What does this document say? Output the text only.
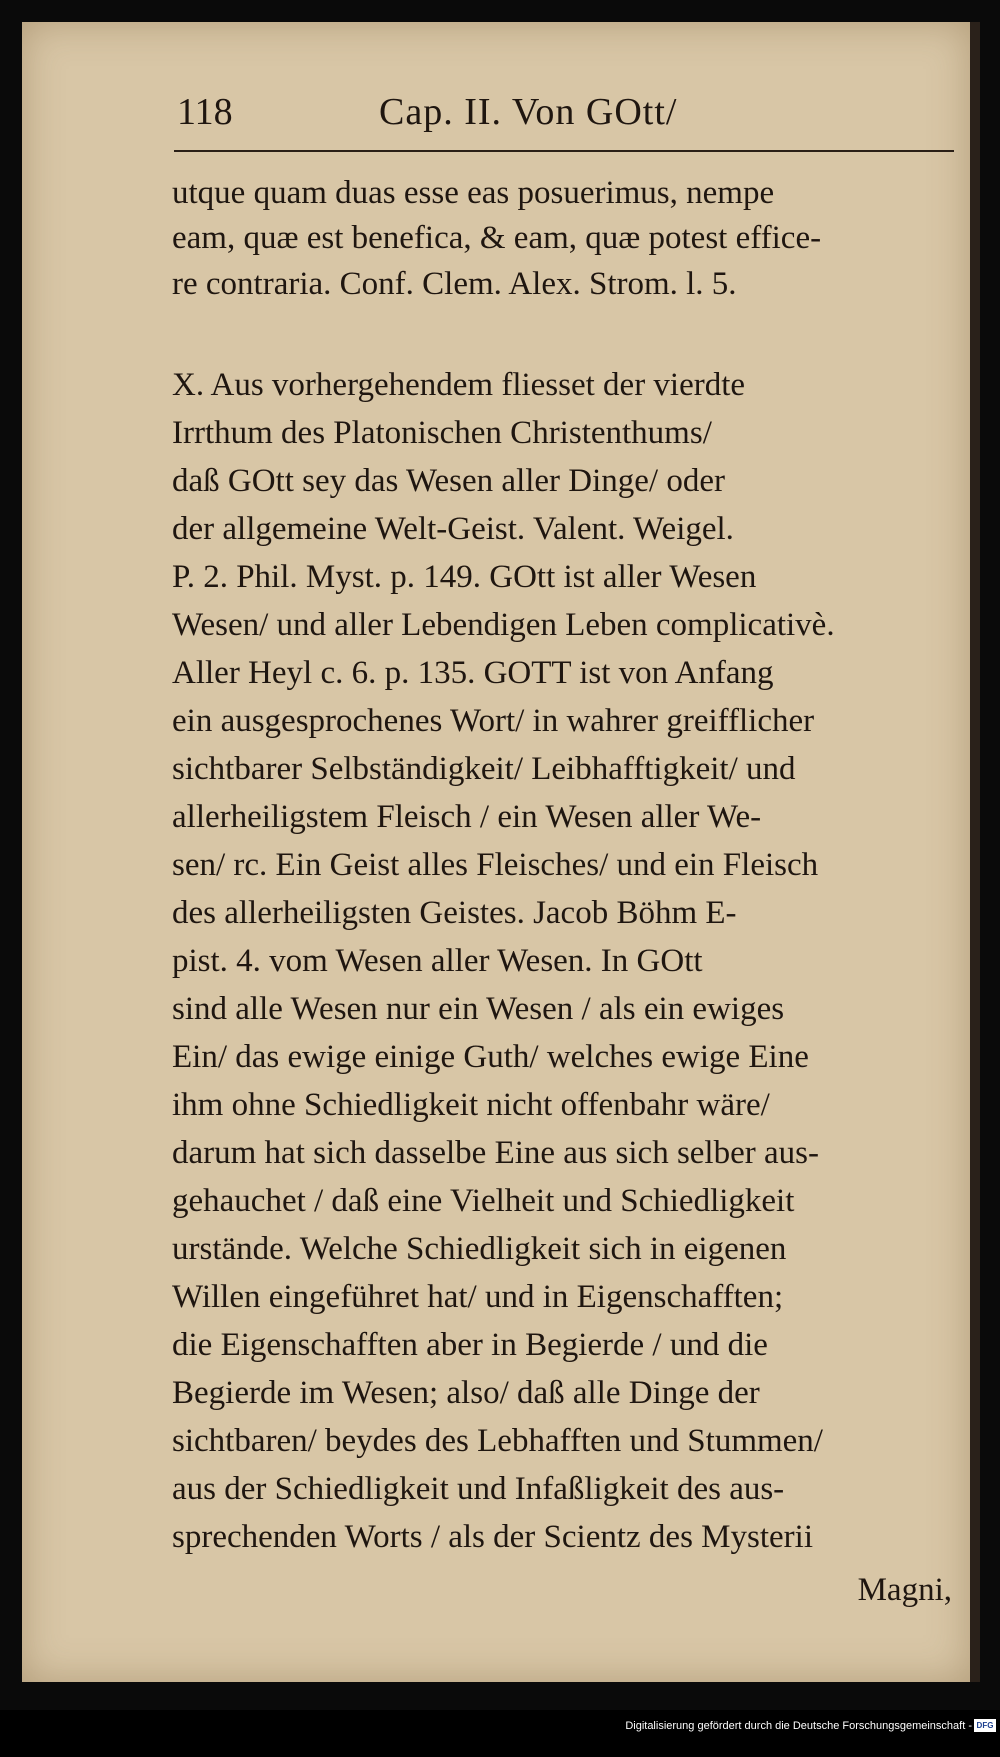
118	Cap. II. Von GOtt/
utque quam duas esse eas posuerimus, nempe
eam, quæ est benefica, & eam, quæ potest effice-
re contraria. Conf. Clem. Alex. Strom. l. 5.
X. Aus vorhergehendem fliesset der vierdte
Irrthum des Platonischen Christenthums/
daß GOtt sey das Wesen aller Dinge/ oder
der allgemeine Welt-Geist. Valent. Weigel.
P. 2. Phil. Myst. p. 149. GOtt ist aller Wesen
Wesen/ und aller Lebendigen Leben complicativè.
Aller Heyl c. 6. p. 135. GOTT ist von Anfang
ein ausgesprochenes Wort/ in wahrer greifflicher
sichtbarer Selbständigkeit/ Leibhafftigkeit/ und
allerheiligstem Fleisch / ein Wesen aller We-
sen/ rc. Ein Geist alles Fleisches/ und ein Fleisch
des allerheiligsten Geistes. Jacob Böhm E-
pist. 4. vom Wesen aller Wesen. In GOtt
sind alle Wesen nur ein Wesen / als ein ewiges
Ein/ das ewige einige Guth/ welches ewige Eine
ihm ohne Schiedligkeit nicht offenbahr wäre/
darum hat sich dasselbe Eine aus sich selber aus-
gehauchet / daß eine Vielheit und Schiedligkeit
urstände. Welche Schiedligkeit sich in eigenen
Willen eingeführet hat/ und in Eigenschafften;
die Eigenschafften aber in Begierde / und die
Begierde im Wesen; also/ daß alle Dinge der
sichtbaren/ beydes des Lebhafften und Stummen/
aus der Schiedligkeit und Infaßligkeit des aus-
sprechenden Worts / als der Scientz des Mysterii
Magni,
Digitalisierung gefördert durch die Deutsche Forschungsgemeinschaft - DFG
